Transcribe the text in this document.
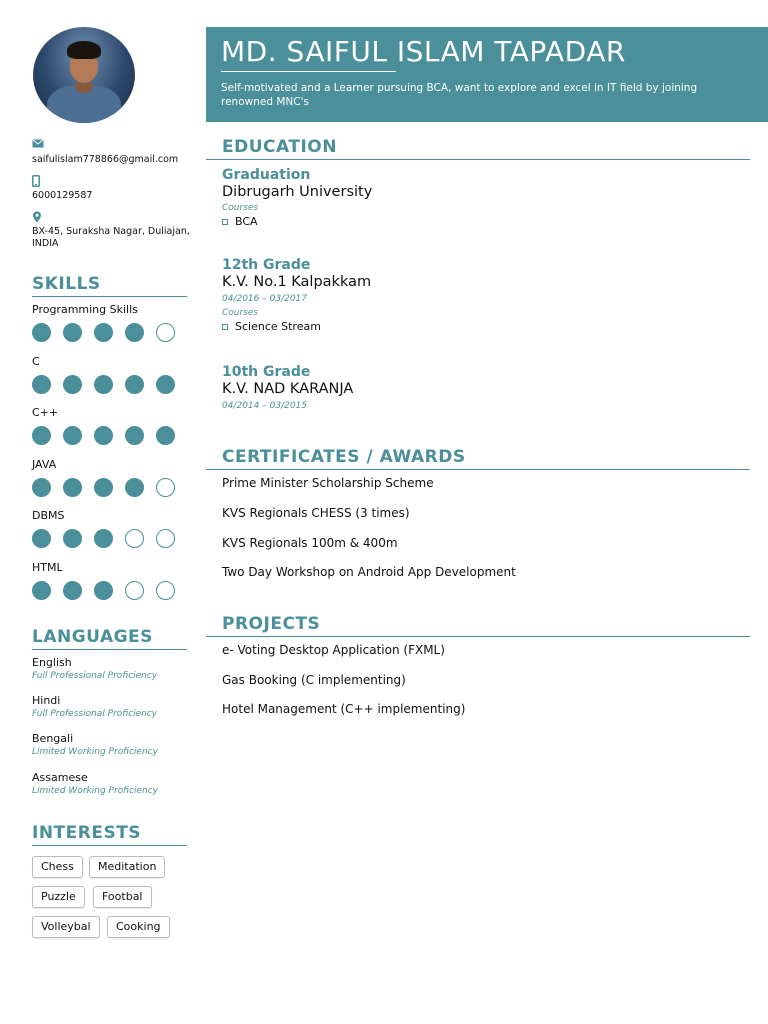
saifulislam778866@gmail.com
6000129587
BX-45, Suraksha Nagar, Duliajan, INDIA
SKILLS
Programming Skills
C
C++
JAVA
DBMS
HTML
LANGUAGES
English
Full Professional Proficiency
Hindi
Full Professional Proficiency
Bengali
Limited Working Proficiency
Assamese
Limited Working Proficiency
INTERESTS
Chess	Meditation
Puzzle	Footbal
Volleybal	Cooking
MD. SAIFUL ISLAM TAPADAR
Self-motivated and a Learner pursuing BCA, want to explore and excel in IT field by joining renowned MNC's
EDUCATION
Graduation
Dibrugarh University
Courses
BCA
12th Grade
K.V. No.1 Kalpakkam
04/2016 – 03/2017
Courses
Science Stream
10th Grade
K.V. NAD KARANJA
04/2014 – 03/2015
CERTIFICATES / AWARDS
Prime Minister Scholarship Scheme
KVS Regionals CHESS (3 times)
KVS Regionals 100m & 400m
Two Day Workshop on Android App Development
PROJECTS
e- Voting Desktop Application (FXML)
Gas Booking (C implementing)
Hotel Management (C++ implementing)
